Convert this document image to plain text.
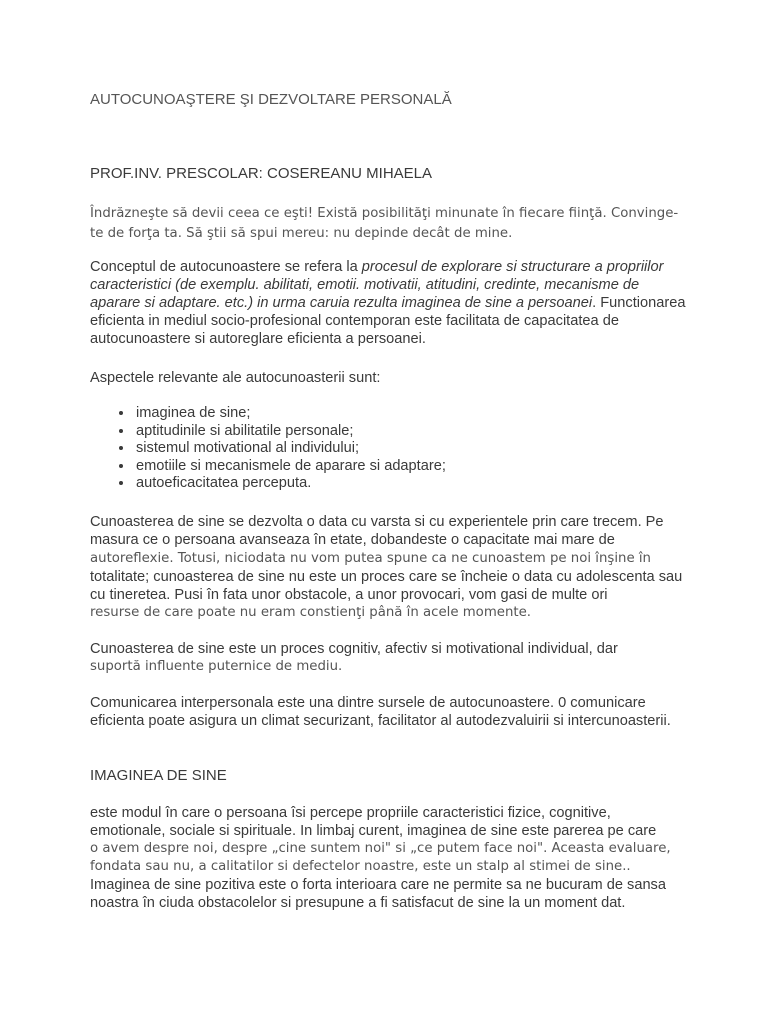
AUTOCUNOAŞTERE ŞI DEZVOLTARE PERSONALĂ
PROF.INV. PRESCOLAR: COSEREANU MIHAELA

Îndrăzneşte să devii ceea ce eşti! Există posibilităţi minunate în fiecare fiinţă. Convinge-te de forţa ta. Să ştii să spui mereu: nu depinde decât de mine.

Conceptul de autocunoastere se refera la procesul de explorare si structurare a propriilor caracteristici (de exemplu. abilitati, emotii. motivatii, atitudini, credinte, mecanisme de aparare si adaptare. etc.) in urma caruia rezulta imaginea de sine a persoanei. Functionarea eficienta in mediul socio-profesional contemporan este facilitata de capacitatea de autocunoastere si autoreglare eficienta a persoanei.

Aspectele relevante ale autocunoasterii sunt:

• imaginea de sine;
• aptitudinile si abilitatile personale;
• sistemul motivational al individului;
• emotiile si mecanismele de aparare si adaptare;
• autoeficacitatea perceputa.

Cunoasterea de sine se dezvolta o data cu varsta si cu experientele prin care trecem. Pe masura ce o persoana avanseaza în etate, dobandeste o capacitate mai mare de autoreflexie. Totusi, niciodata nu vom putea spune ca ne cunoastem pe noi înşine în

totalitate; cunoasterea de sine nu este un proces care se încheie o data cu adolescenta sau cu tineretea. Pusi în fata unor obstacole, a unor provocari, vom gasi de multe ori

resurse de care poate nu eram constienţi până în acele momente.

Cunoasterea de sine este un proces cognitiv, afectiv si motivational individual, dar

suportă influente puternice de mediu.

Comunicarea interpersonala este una dintre sursele de autocunoastere. 0 comunicare eficienta poate asigura un climat securizant, facilitator al autodezvaluirii si intercunoasterii.

IMAGINEA DE SINE

este modul în care o persoana îsi percepe propriile caracteristici fizice, cognitive, emotionale, sociale si spirituale. In limbaj curent, imaginea de sine este parerea pe care

o avem despre noi, despre „cine suntem noi" si „ce putem face noi". Aceasta evaluare, fondata sau nu, a calitatilor si defectelor noastre, este un stalp al stimei de sine..

Imaginea de sine pozitiva este o forta interioara care ne permite sa ne bucuram de sansa noastra în ciuda obstacolelor si presupune a fi satisfacut de sine la un moment dat.
